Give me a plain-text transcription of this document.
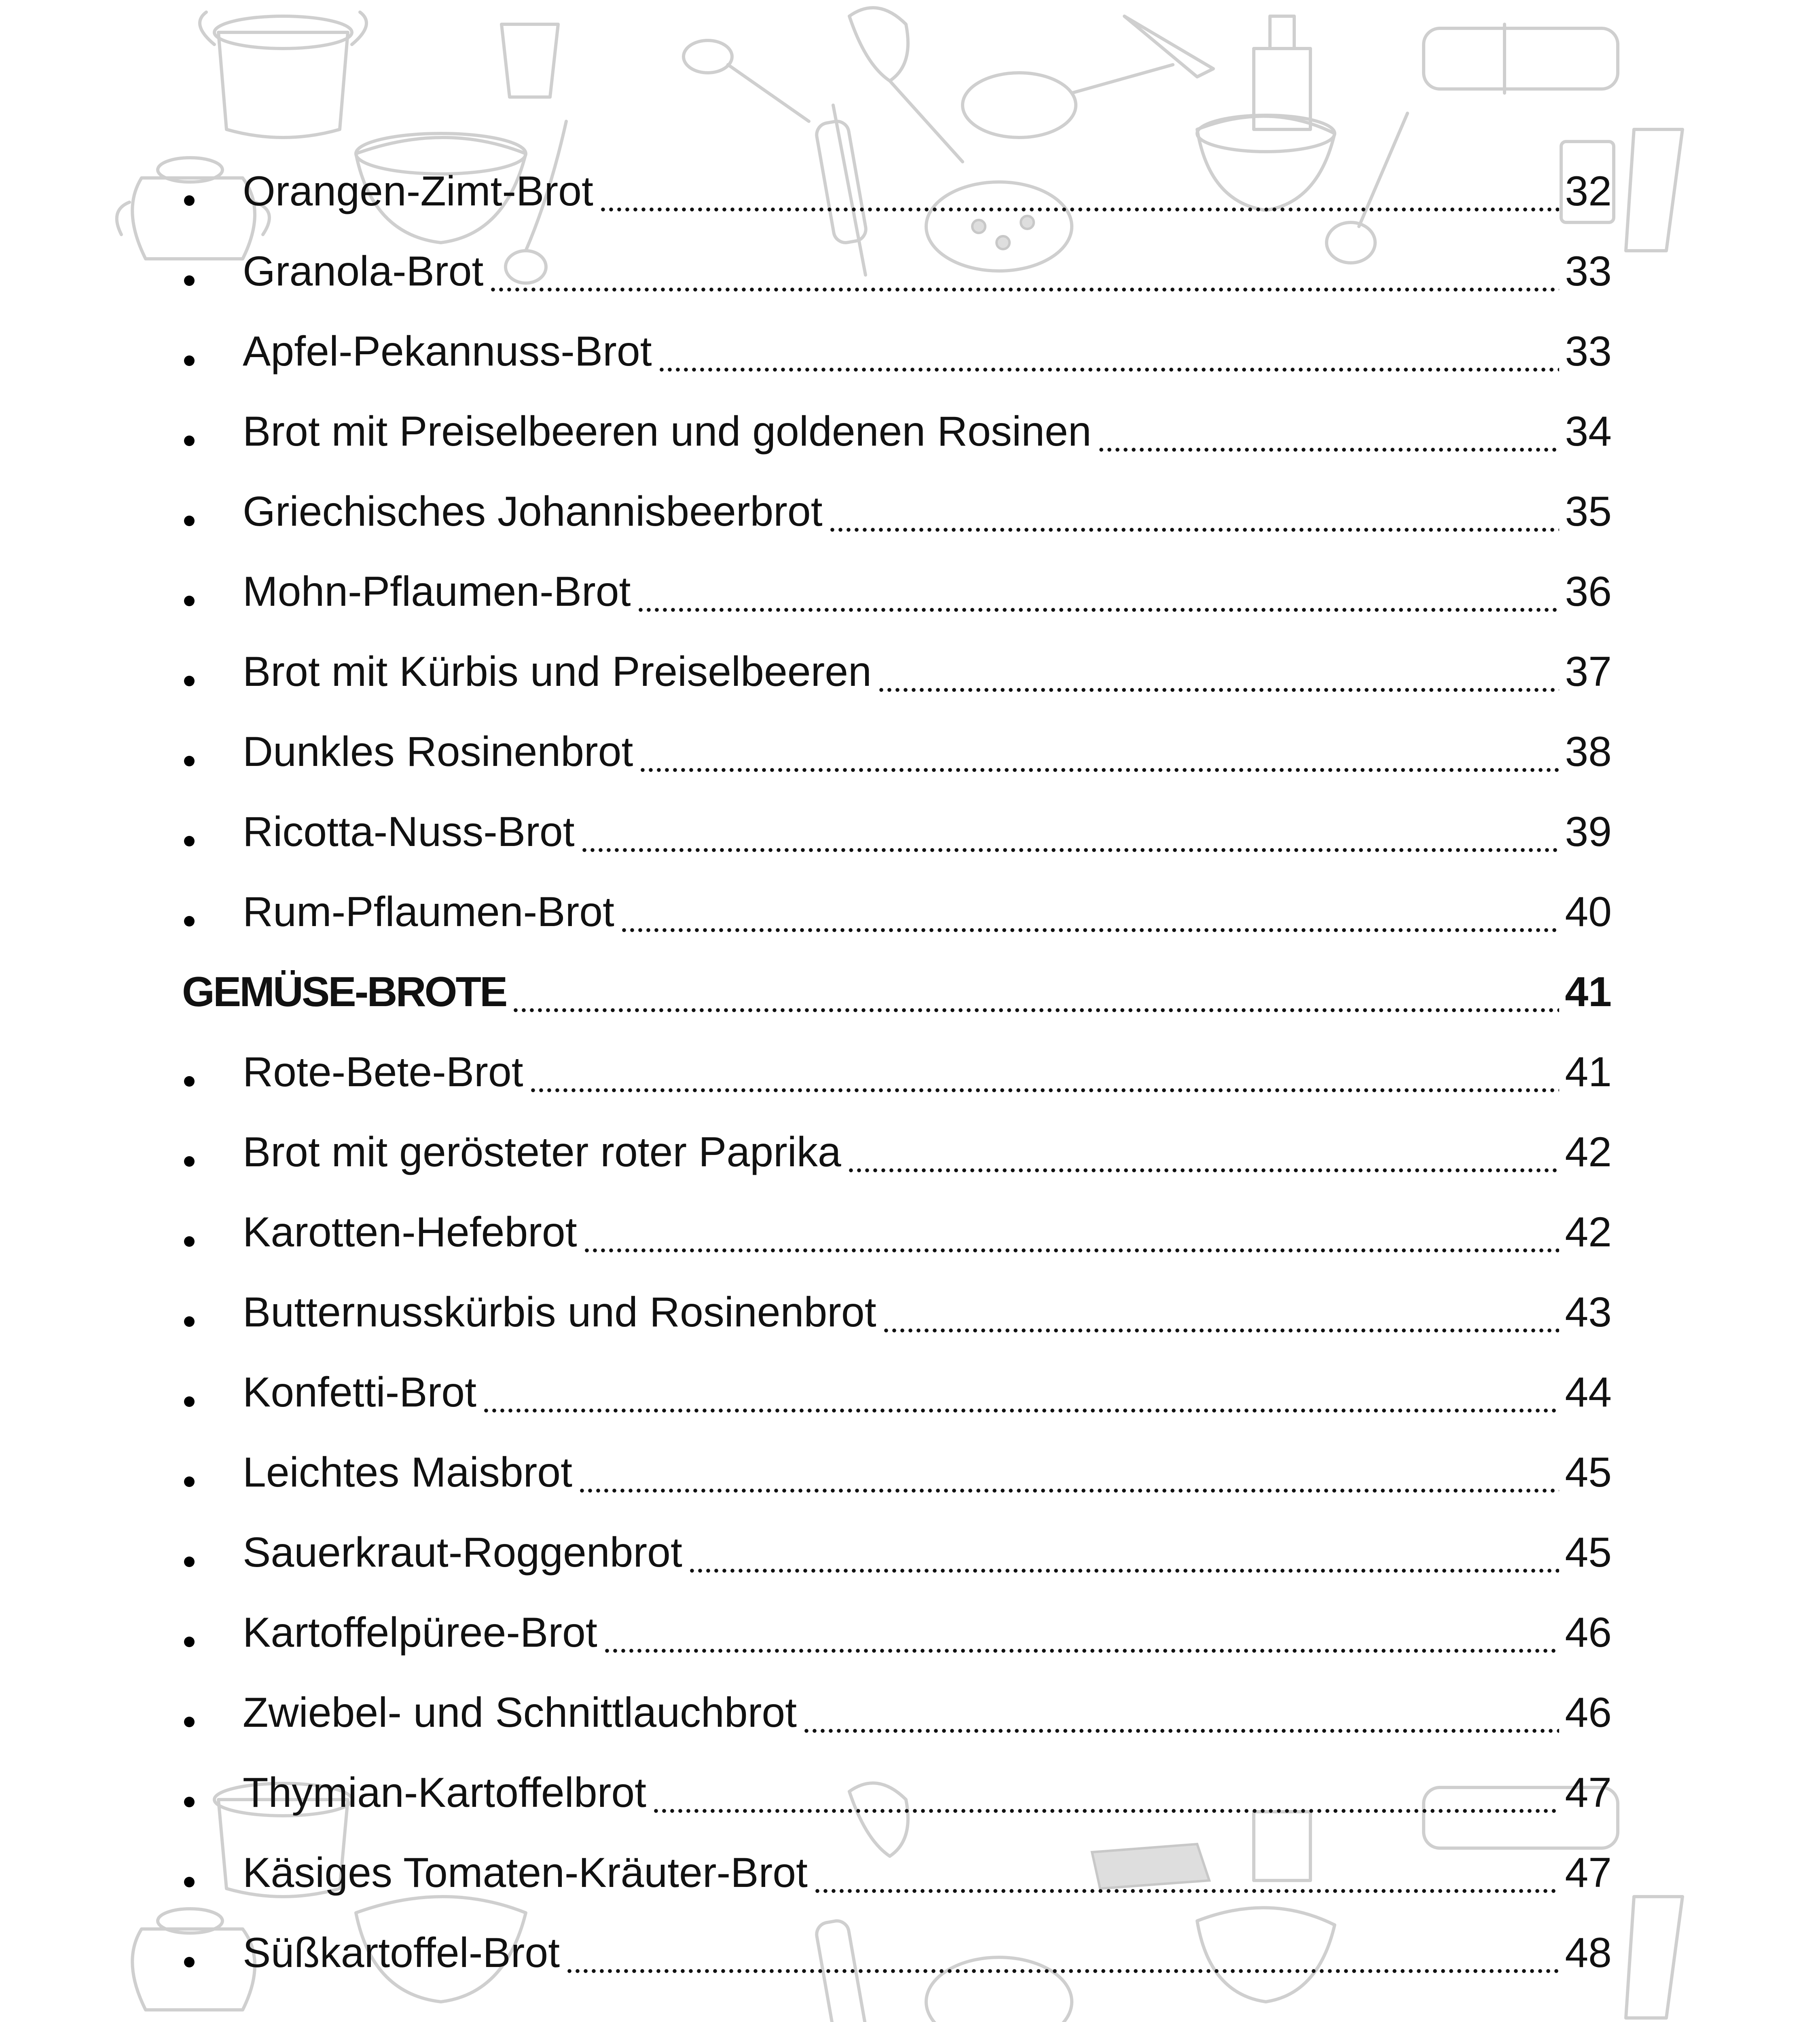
Orangen-Zimt-Brot	32
Granola-Brot	33
Apfel-Pekannuss-Brot	33
Brot mit Preiselbeeren und goldenen Rosinen	34
Griechisches Johannisbeerbrot	35
Mohn-Pflaumen-Brot	36
Brot mit Kürbis und Preiselbeeren	37
Dunkles Rosinenbrot	38
Ricotta-Nuss-Brot	39
Rum-Pflaumen-Brot	40
GEMÜSE-BROTE	41
Rote-Bete-Brot	41
Brot mit gerösteter roter Paprika	42
Karotten-Hefebrot	42
Butternusskürbis und Rosinenbrot	43
Konfetti-Brot	44
Leichtes Maisbrot	45
Sauerkraut-Roggenbrot	45
Kartoffelpüree-Brot	46
Zwiebel- und Schnittlauchbrot	46
Thymian-Kartoffelbrot	47
Käsiges Tomaten-Kräuter-Brot	47
Süßkartoffel-Brot	48
